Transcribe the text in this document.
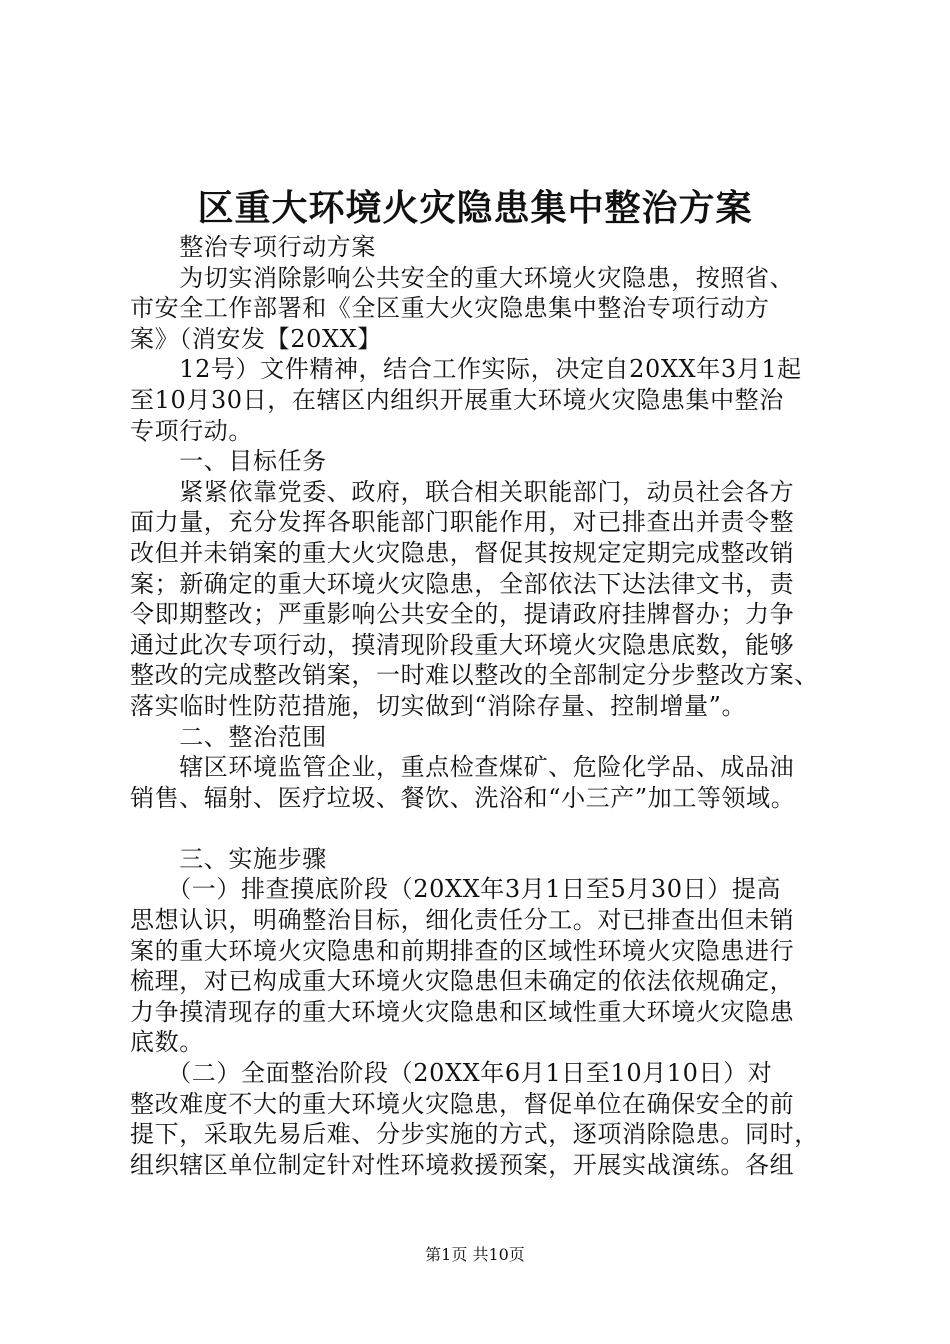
区重大环境火灾隐患集中整治方案
　　整治专项行动方案
　　为切实消除影响公共安全的重大环境火灾隐患，按照省、
市安全工作部署和《全区重大火灾隐患集中整治专项行动方
案》（消安发【20XX】
　　12号）文件精神，结合工作实际，决定自20XX年3月1起
至10月30日，在辖区内组织开展重大环境火灾隐患集中整治
专项行动。
　　一、目标任务
　　紧紧依靠党委、政府，联合相关职能部门，动员社会各方
面力量，充分发挥各职能部门职能作用，对已排查出并责令整
改但并未销案的重大火灾隐患，督促其按规定定期完成整改销
案；新确定的重大环境火灾隐患，全部依法下达法律文书，责
令即期整改；严重影响公共安全的，提请政府挂牌督办；力争
通过此次专项行动，摸清现阶段重大环境火灾隐患底数，能够
整改的完成整改销案，一时难以整改的全部制定分步整改方案、
落实临时性防范措施，切实做到“消除存量、控制增量”。
　　二、整治范围
　　辖区环境监管企业，重点检查煤矿、危险化学品、成品油
销售、辐射、医疗垃圾、餐饮、洗浴和“小三产”加工等领域。
　　三、实施步骤
　　（一）排查摸底阶段（20XX年3月1日至5月30日）提高
思想认识，明确整治目标，细化责任分工。对已排查出但未销
案的重大环境火灾隐患和前期排查的区域性环境火灾隐患进行
梳理，对已构成重大环境火灾隐患但未确定的依法依规确定，
力争摸清现存的重大环境火灾隐患和区域性重大环境火灾隐患
底数。
　　（二）全面整治阶段（20XX年6月1日至10月10日）对
整改难度不大的重大环境火灾隐患，督促单位在确保安全的前
提下，采取先易后难、分步实施的方式，逐项消除隐患。同时，
组织辖区单位制定针对性环境救援预案，开展实战演练。各组
第1页 共10页
